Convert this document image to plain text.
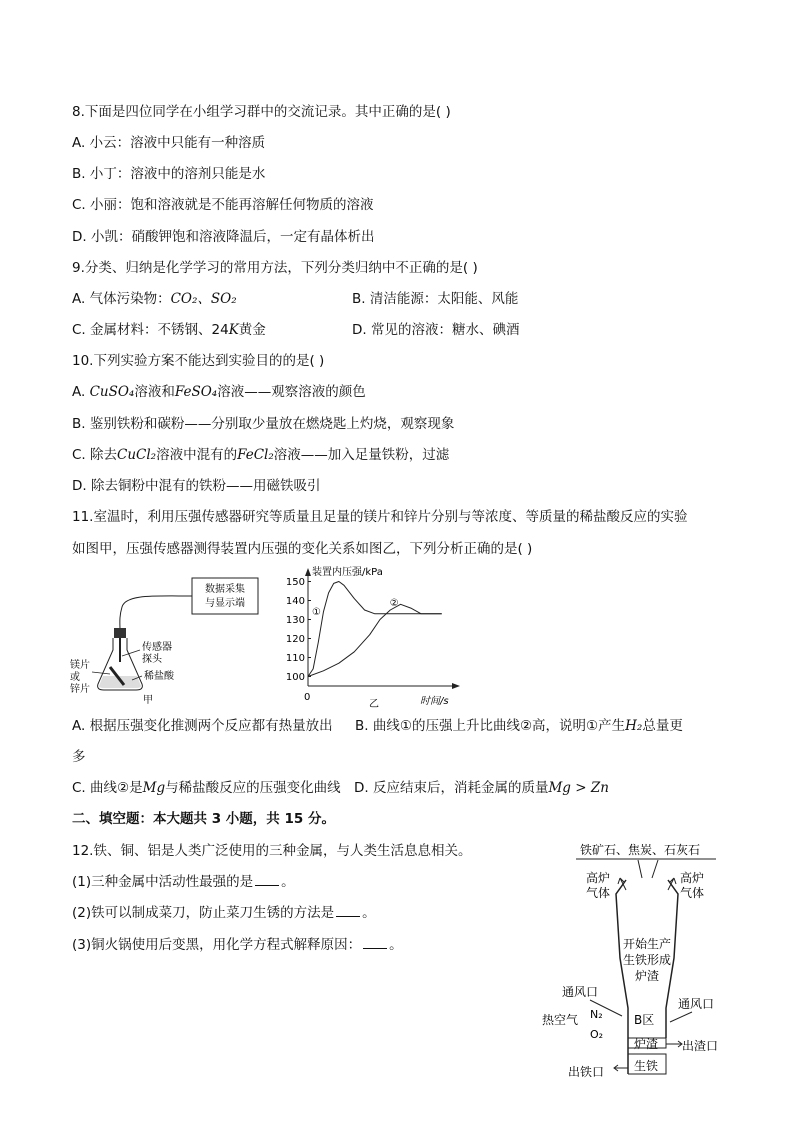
8.下面是四位同学在小组学习群中的交流记录。其中正确的是( )
A. 小云：溶液中只能有一种溶质
B. 小丁：溶液中的溶剂只能是水
C. 小丽：饱和溶液就是不能再溶解任何物质的溶液
D. 小凯：硝酸钾饱和溶液降温后，一定有晶体析出
9.分类、归纳是化学学习的常用方法，下列分类归纳中不正确的是( )
A. 气体污染物：CO₂、SO₂	B. 清洁能源：太阳能、风能
C. 金属材料：不锈钢、24K黄金	D. 常见的溶液：糖水、碘酒
10.下列实验方案不能达到实验目的的是( )
A. CuSO₄溶液和FeSO₄溶液——观察溶液的颜色
B. 鉴别铁粉和碳粉——分别取少量放在燃烧匙上灼烧，观察现象
C. 除去CuCl₂溶液中混有的FeCl₂溶液——加入足量铁粉，过滤
D. 除去铜粉中混有的铁粉——用磁铁吸引
11.室温时，利用压强传感器研究等质量且足量的镁片和锌片分别与等浓度、等质量的稀盐酸反应的实验
如图甲，压强传感器测得装置内压强的变化关系如图乙，下列分析正确的是( )
数据采集
与显示端
传感器
探头
稀盐酸
镁片
或
锌片
甲
装置内压强/kPa
时间/s
0
乙
100
110
120
130
140
150
①
②
A. 根据压强变化推测两个反应都有热量放出 B. 曲线①的压强上升比曲线②高，说明①产生H₂总量更
多
C. 曲线②是Mg与稀盐酸反应的压强变化曲线 D. 反应结束后，消耗金属的质量Mg > Zn
二、填空题：本大题共 3 小题，共 15 分。
12.铁、铜、铝是人类广泛使用的三种金属，与人类生活息息相关。
(1)三种金属中活动性最强的是 。
(2)铁可以制成菜刀，防止菜刀生锈的方法是 。
(3)铜火锅使用后变黑，用化学方程式解释原因： 。
铁矿石、焦炭、石灰石
高炉
气体
高炉
气体
开始生产
生铁形成
炉渣
通风口
通风口
热空气 N₂
O₂
B区
炉渣 出渣口
生铁
出铁口
